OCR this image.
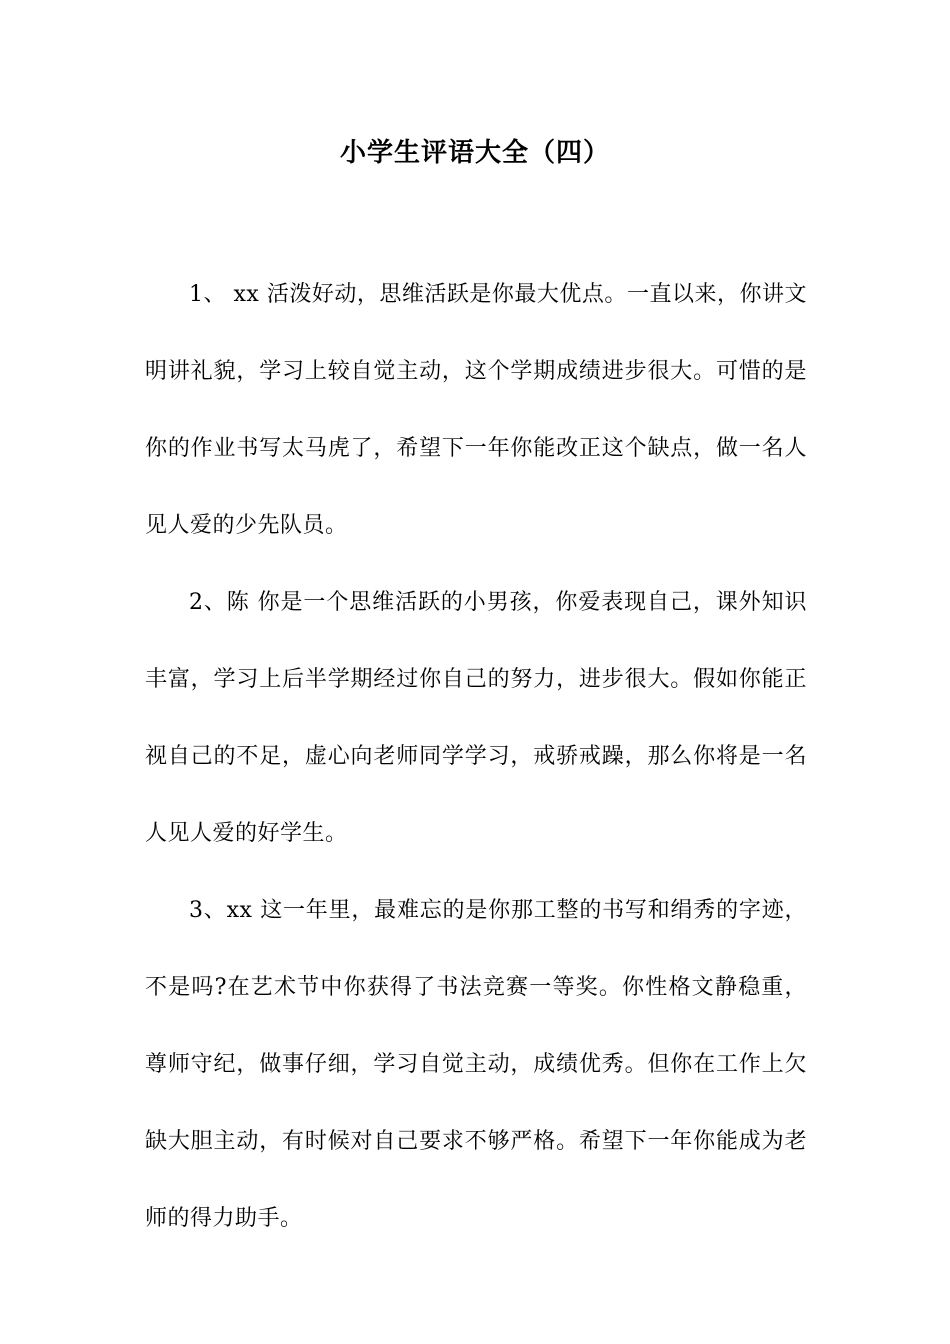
小学生评语大全（四）

1、 xx 活泼好动，思维活跃是你最大优点。一直以来，你讲文明讲礼貌，学习上较自觉主动，这个学期成绩进步很大。可惜的是你的作业书写太马虎了，希望下一年你能改正这个缺点，做一名人见人爱的少先队员。

2、陈 你是一个思维活跃的小男孩，你爱表现自己，课外知识丰富，学习上后半学期经过你自己的努力，进步很大。假如你能正视自己的不足，虚心向老师同学学习，戒骄戒躁，那么你将是一名人见人爱的好学生。

3、xx 这一年里，最难忘的是你那工整的书写和绢秀的字迹，不是吗?在艺术节中你获得了书法竞赛一等奖。你性格文静稳重，尊师守纪，做事仔细，学习自觉主动，成绩优秀。但你在工作上欠缺大胆主动，有时候对自己要求不够严格。希望下一年你能成为老师的得力助手。
